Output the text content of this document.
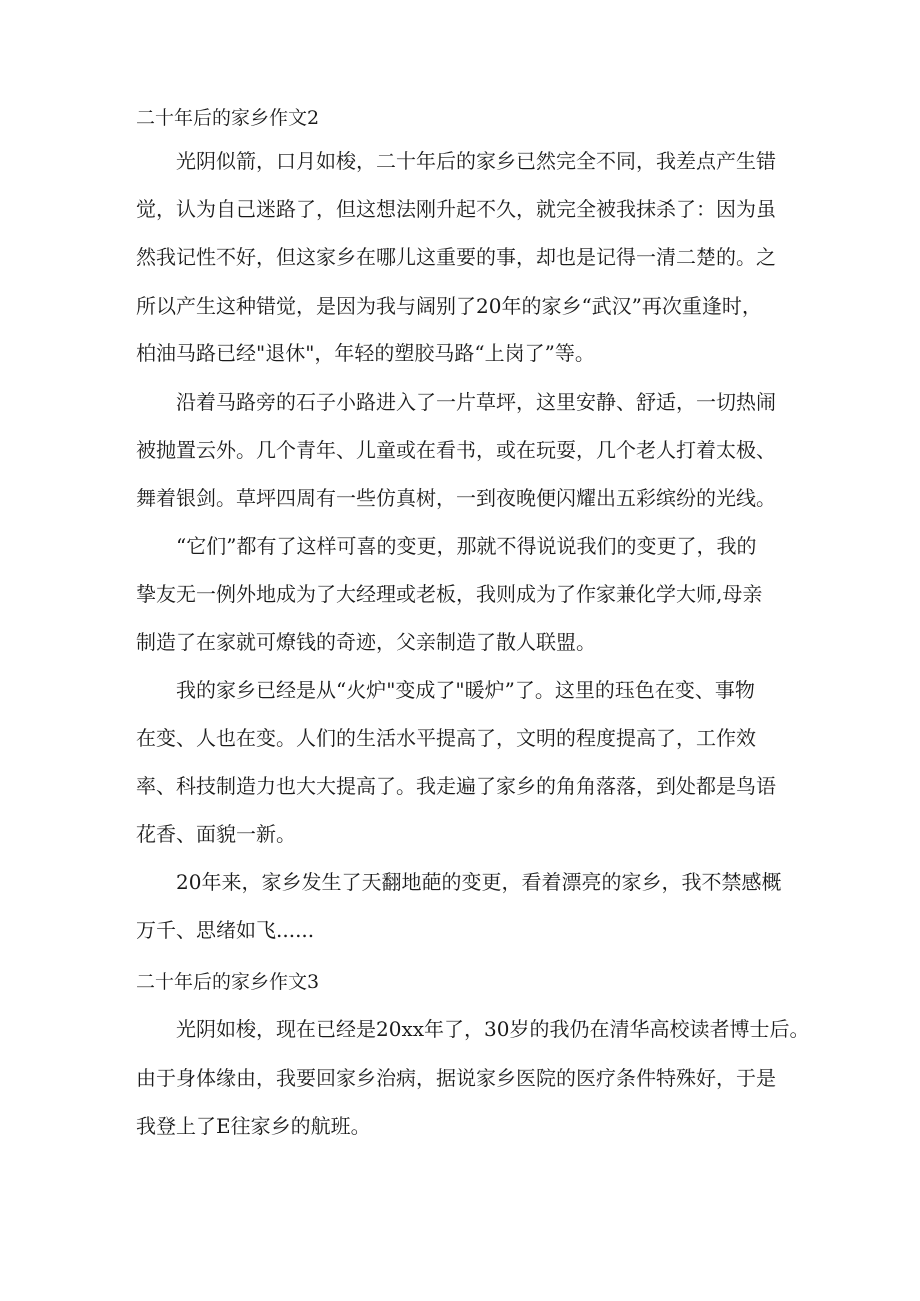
二十年后的家乡作文2
光阴似箭，口月如梭，二十年后的家乡已然完全不同，我差点产生错
觉，认为自己迷路了，但这想法刚升起不久，就完全被我抹杀了：因为虽
然我记性不好，但这家乡在哪儿这重要的事，却也是记得一清二楚的。之
所以产生这种错觉，是因为我与阔别了20年的家乡“武汉”再次重逢时，
柏油马路已经"退休"，年轻的塑胶马路“上岗了”等。
沿着马路旁的石子小路进入了一片草坪，这里安静、舒适，一切热闹
被抛置云外。几个青年、儿童或在看书，或在玩耍，几个老人打着太极、
舞着银剑。草坪四周有一些仿真树，一到夜晚便闪耀出五彩缤纷的光线。
“它们”都有了这样可喜的变更，那就不得说说我们的变更了，我的
挚友无一例外地成为了大经理或老板，我则成为了作家兼化学大师,母亲
制造了在家就可燎钱的奇迹，父亲制造了散人联盟。
我的家乡已经是从“火炉"变成了"暖炉”了。这里的珏色在变、事物
在变、人也在变。人们的生活水平提高了，文明的程度提高了，工作效
率、科技制造力也大大提高了。我走遍了家乡的角角落落，到处都是鸟语
花香、面貌一新。
20年来，家乡发生了天翻地葩的变更，看着漂亮的家乡，我不禁感概
万千、思绪如飞......
二十年后的家乡作文3
光阴如梭，现在已经是20xx年了，30岁的我仍在清华高校读者博士后。
由于身体缘由，我要回家乡治病，据说家乡医院的医疗条件特殊好，于是
我登上了E往家乡的航班。
